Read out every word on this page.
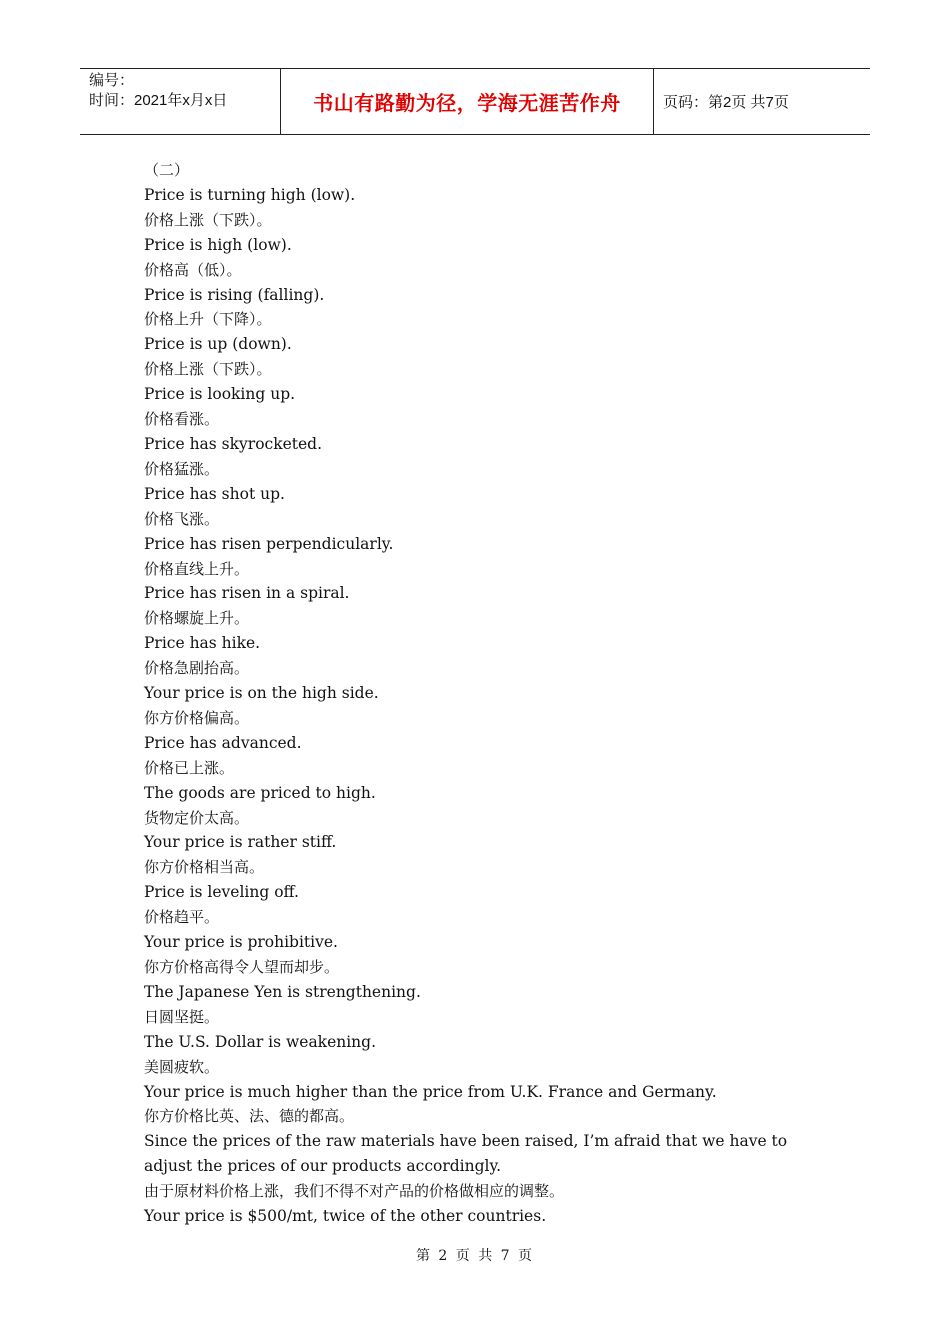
编号：
时间：2021年x月x日	书山有路勤为径，学海无涯苦作舟	页码：第2页 共7页
（二）
Price is turning high (low).
价格上涨（下跌）。
Price is high (low).
价格高（低）。
Price is rising (falling).
价格上升（下降）。
Price is up (down).
价格上涨（下跌）。
Price is looking up.
价格看涨。
Price has skyrocketed.
价格猛涨。
Price has shot up.
价格飞涨。
Price has risen perpendicularly.
价格直线上升。
Price has risen in a spiral.
价格螺旋上升。
Price has hike.
价格急剧抬高。
Your price is on the high side.
你方价格偏高。
Price has advanced.
价格已上涨。
The goods are priced to high.
货物定价太高。
Your price is rather stiff.
你方价格相当高。
Price is leveling off.
价格趋平。
Your price is prohibitive.
你方价格高得令人望而却步。
The Japanese Yen is strengthening.
日圆坚挺。
The U.S. Dollar is weakening.
美圆疲软。
Your price is much higher than the price from U.K. France and Germany.
你方价格比英、法、德的都高。
Since the prices of the raw materials have been raised, I’m afraid that we have to adjust the prices of our products accordingly.
由于原材料价格上涨，我们不得不对产品的价格做相应的调整。
Your price is $500/mt, twice of the other countries.
第 2 页 共 7 页
